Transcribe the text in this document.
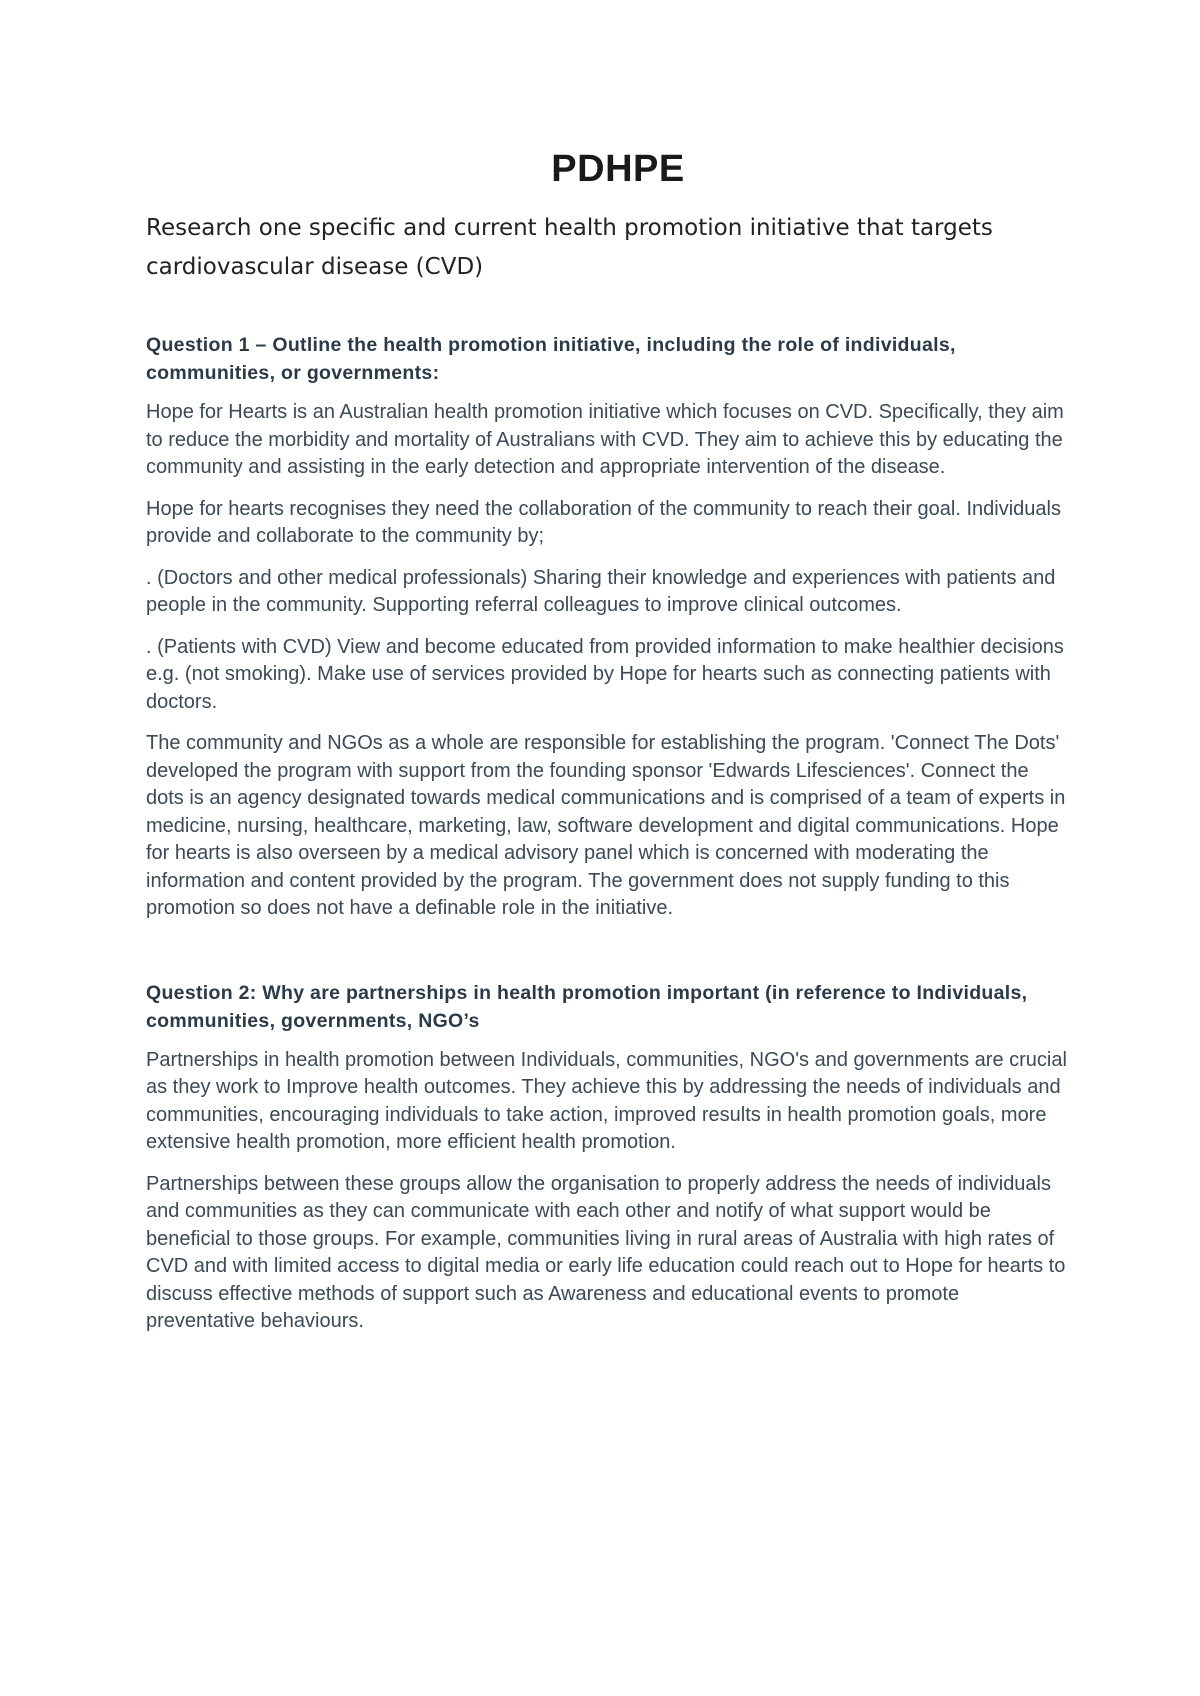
PDHPE

Research one specific and current health promotion initiative that targets cardiovascular disease (CVD)

Question 1 – Outline the health promotion initiative, including the role of individuals, communities, or governments:

Hope for Hearts is an Australian health promotion initiative which focuses on CVD. Specifically, they aim to reduce the morbidity and mortality of Australians with CVD. They aim to achieve this by educating the community and assisting in the early detection and appropriate intervention of the disease.

Hope for hearts recognises they need the collaboration of the community to reach their goal. Individuals provide and collaborate to the community by;

. (Doctors and other medical professionals) Sharing their knowledge and experiences with patients and people in the community. Supporting referral colleagues to improve clinical outcomes.

. (Patients with CVD) View and become educated from provided information to make healthier decisions e.g. (not smoking). Make use of services provided by Hope for hearts such as connecting patients with doctors.

The community and NGOs as a whole are responsible for establishing the program. 'Connect The Dots' developed the program with support from the founding sponsor 'Edwards Lifesciences'. Connect the dots is an agency designated towards medical communications and is comprised of a team of experts in medicine, nursing, healthcare, marketing, law, software development and digital communications. Hope for hearts is also overseen by a medical advisory panel which is concerned with moderating the information and content provided by the program. The government does not supply funding to this promotion so does not have a definable role in the initiative.

Question 2: Why are partnerships in health promotion important (in reference to Individuals, communities, governments, NGO’s

Partnerships in health promotion between Individuals, communities, NGO's and governments are crucial as they work to Improve health outcomes. They achieve this by addressing the needs of individuals and communities, encouraging individuals to take action, improved results in health promotion goals, more extensive health promotion, more efficient health promotion.

Partnerships between these groups allow the organisation to properly address the needs of individuals and communities as they can communicate with each other and notify of what support would be beneficial to those groups. For example, communities living in rural areas of Australia with high rates of CVD and with limited access to digital media or early life education could reach out to Hope for hearts to discuss effective methods of support such as Awareness and educational events to promote preventative behaviours.
